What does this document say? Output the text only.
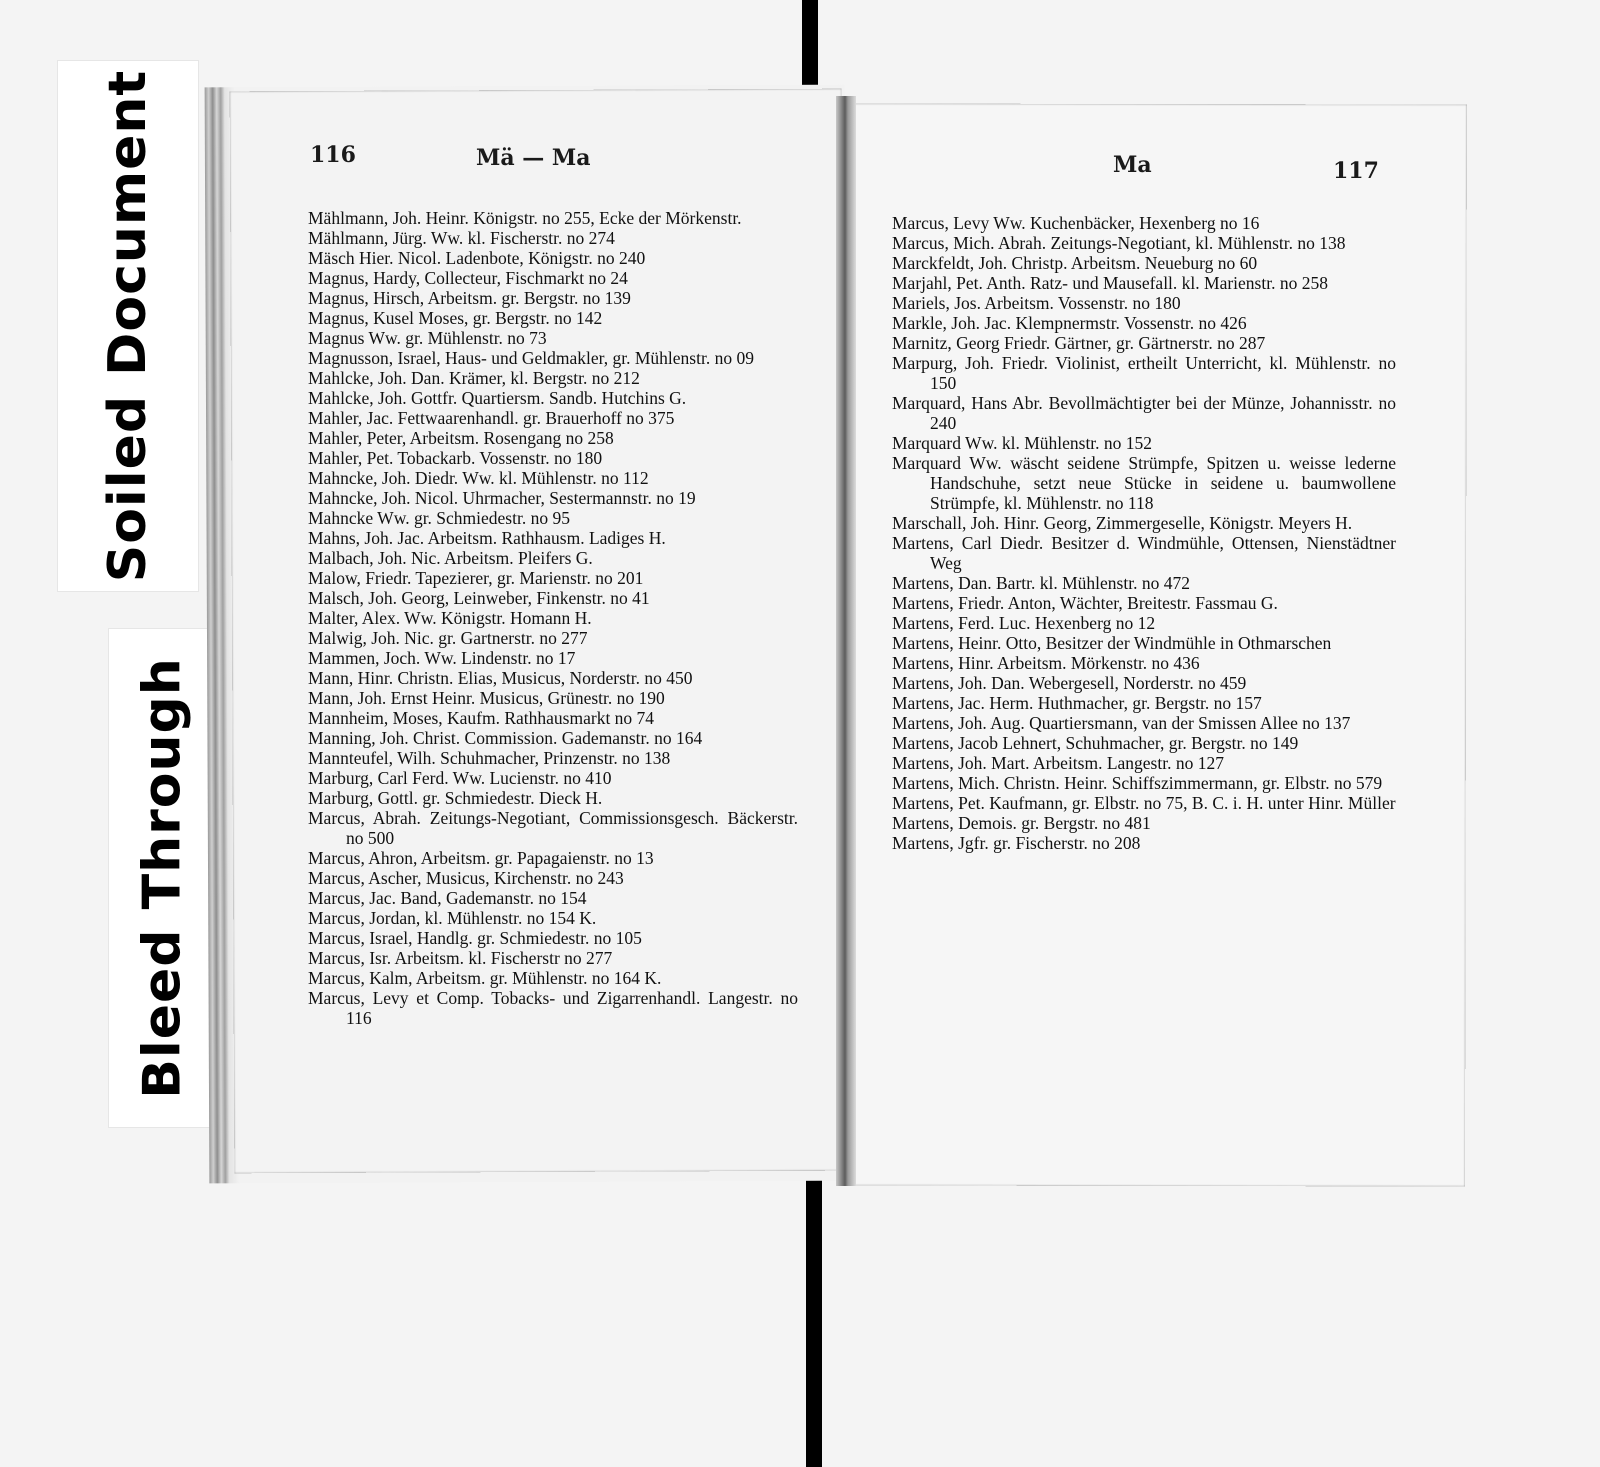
Soiled Document
Bleed Through
116	Mä — Ma	Ma	117
Mählmann, Joh. Heinr. Königstr. no 255, Ecke der Mörkenstr.
Mählmann, Jürg. Ww. kl. Fischerstr. no 274
Mäsch Hier. Nicol. Ladenbote, Königstr. no 240
Magnus, Hardy, Collecteur, Fischmarkt no 24
Magnus, Hirsch, Arbeitsm. gr. Bergstr. no 139
Magnus, Kusel Moses, gr. Bergstr. no 142
Magnus Ww. gr. Mühlenstr. no 73
Magnusson, Israel, Haus- und Geldmakler, gr. Mühlenstr. no 09
Mahlcke, Joh. Dan. Krämer, kl. Bergstr. no 212
Mahlcke, Joh. Gottfr. Quartiersm. Sandb. Hutchins G.
Mahler, Jac. Fettwaarenhandl. gr. Brauerhoff no 375
Mahler, Peter, Arbeitsm. Rosengang no 258
Mahler, Pet. Tobackarb. Vossenstr. no 180
Mahncke, Joh. Diedr. Ww. kl. Mühlenstr. no 112
Mahncke, Joh. Nicol. Uhrmacher, Sestermannstr. no 19
Mahncke Ww. gr. Schmiedestr. no 95
Mahns, Joh. Jac. Arbeitsm. Rathhausm. Ladiges H.
Malbach, Joh. Nic. Arbeitsm. Pleifers G.
Malow, Friedr. Tapezierer, gr. Marienstr. no 201
Malsch, Joh. Georg, Leinweber, Finkenstr. no 41
Malter, Alex. Ww. Königstr. Homann H.
Malwig, Joh. Nic. gr. Gartnerstr. no 277
Mammen, Joch. Ww. Lindenstr. no 17
Mann, Hinr. Christn. Elias, Musicus, Norderstr. no 450
Mann, Joh. Ernst Heinr. Musicus, Grünestr. no 190
Mannheim, Moses, Kaufm. Rathhausmarkt no 74
Manning, Joh. Christ. Commission. Gademanstr. no 164
Mannteufel, Wilh. Schuhmacher, Prinzenstr. no 138
Marburg, Carl Ferd. Ww. Lucienstr. no 410
Marburg, Gottl. gr. Schmiedestr. Dieck H.
Marcus, Abrah. Zeitungs-Negotiant, Commissionsgesch. Bäckerstr. no 500
Marcus, Ahron, Arbeitsm. gr. Papagaienstr. no 13
Marcus, Ascher, Musicus, Kirchenstr. no 243
Marcus, Jac. Band, Gademanstr. no 154
Marcus, Jordan, kl. Mühlenstr. no 154 K.
Marcus, Israel, Handlg. gr. Schmiedestr. no 105
Marcus, Isr. Arbeitsm. kl. Fischerstr no 277
Marcus, Kalm, Arbeitsm. gr. Mühlenstr. no 164 K.
Marcus, Levy et Comp. Tobacks- und Zigarrenhandl. Langestr. no 116
Marcus, Levy Ww. Kuchenbäcker, Hexenberg no 16
Marcus, Mich. Abrah. Zeitungs-Negotiant, kl. Mühlenstr. no 138
Marckfeldt, Joh. Christp. Arbeitsm. Neueburg no 60
Marjahl, Pet. Anth. Ratz- und Mausefall. kl. Marienstr. no 258
Mariels, Jos. Arbeitsm. Vossenstr. no 180
Markle, Joh. Jac. Klempnermstr. Vossenstr. no 426
Marnitz, Georg Friedr. Gärtner, gr. Gärtnerstr. no 287
Marpurg, Joh. Friedr. Violinist, ertheilt Unterricht, kl. Mühlenstr. no 150
Marquard, Hans Abr. Bevollmächtigter bei der Münze, Johannisstr. no 240
Marquard Ww. kl. Mühlenstr. no 152
Marquard Ww. wäscht seidene Strümpfe, Spitzen u. weisse lederne Handschuhe, setzt neue Stücke in seidene u. baumwollene Strümpfe, kl. Mühlenstr. no 118
Marschall, Joh. Hinr. Georg, Zimmergeselle, Königstr. Meyers H.
Martens, Carl Diedr. Besitzer d. Windmühle, Ottensen, Nienstädtner Weg
Martens, Dan. Bartr. kl. Mühlenstr. no 472
Martens, Friedr. Anton, Wächter, Breitestr. Fassmau G.
Martens, Ferd. Luc. Hexenberg no 12
Martens, Heinr. Otto, Besitzer der Windmühle in Othmarschen
Martens, Hinr. Arbeitsm. Mörkenstr. no 436
Martens, Joh. Dan. Webergesell, Norderstr. no 459
Martens, Jac. Herm. Huthmacher, gr. Bergstr. no 157
Martens, Joh. Aug. Quartiersmann, van der Smissen Allee no 137
Martens, Jacob Lehnert, Schuhmacher, gr. Bergstr. no 149
Martens, Joh. Mart. Arbeitsm. Langestr. no 127
Martens, Mich. Christn. Heinr. Schiffszimmermann, gr. Elbstr. no 579
Martens, Pet. Kaufmann, gr. Elbstr. no 75, B. C. i. H. unter Hinr. Müller
Martens, Demois. gr. Bergstr. no 481
Martens, Jgfr. gr. Fischerstr. no 208
